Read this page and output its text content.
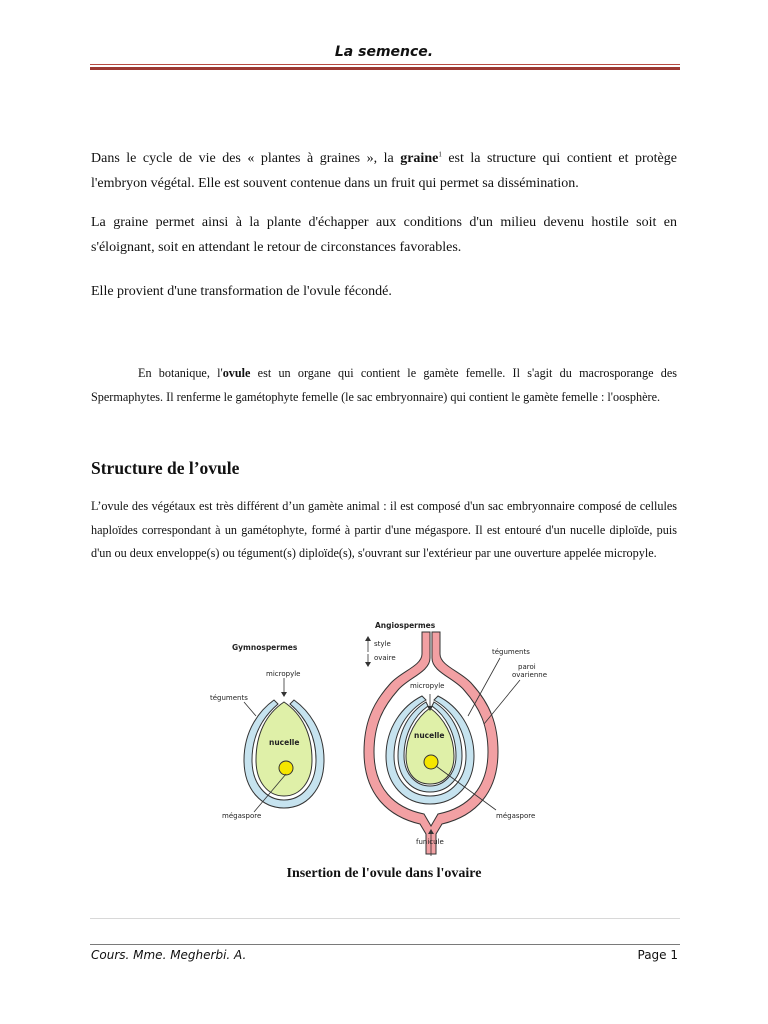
La semence.
Dans le cycle de vie des « plantes à graines », la graine$^1$ est la structure qui contient et protège l'embryon végétal. Elle est souvent contenue dans un fruit qui permet sa dissémination.
La graine permet ainsi à la plante d'échapper aux conditions d'un milieu devenu hostile soit en s'éloignant, soit en attendant le retour de circonstances favorables.
Elle provient d'une transformation de l'ovule fécondé.
En botanique, l'ovule est un organe qui contient le gamète femelle. Il s'agit du macrosporange des Spermaphytes. Il renferme le gamétophyte femelle (le sac embryonnaire) qui contient le gamète femelle : l'oosphère.
Structure de l’ovule
L’ovule des végétaux est très différent d’un gamète animal : il est composé d'un sac embryonnaire composé de cellules haploïdes correspondant à un gamétophyte, formé à partir d'une mégaspore. Il est entouré d'un nucelle diploïde, puis d'un ou deux enveloppe(s) ou tégument(s) diploïde(s), s'ouvrant sur l'extérieur par une ouverture appelée micropyle.
Gymnospermes
micropyle
téguments
nucelle
mégaspore
Angiospermes
style
ovaire
micropyle
téguments
paroi
ovarienne
nucelle
mégaspore
funicule
Insertion de l'ovule dans l'ovaire
Cours. Mme. Megherbi. A.	Page 1
